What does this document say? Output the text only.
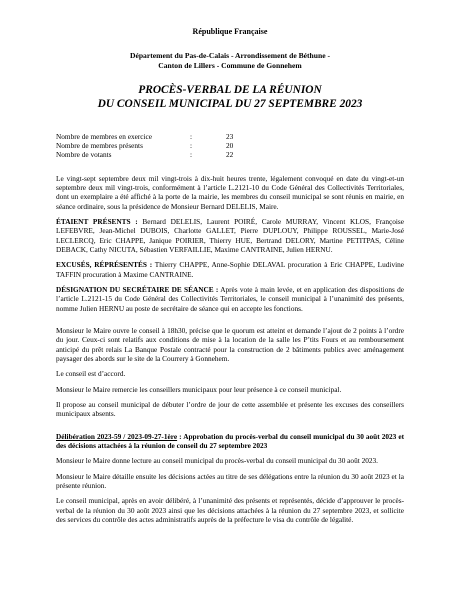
République Française
Département du Pas-de-Calais - Arrondissement de Béthune -
Canton de Lillers - Commune de Gonnehem
PROCÈS-VERBAL DE LA RÉUNION
DU CONSEIL MUNICIPAL DU 27 SEPTEMBRE 2023
Nombre de membres en exercice	:	23
Nombre de membres présents	:	20
Nombre de votants	:	22

Le vingt-sept septembre deux mil vingt-trois à dix-huit heures trente, légalement convoqué en date du vingt-et-un septembre deux mil vingt-trois, conformément à l’article L.2121-10 du Code Général des Collectivités Territoriales, dont un exemplaire a été affiché à la porte de la mairie, les membres du conseil municipal se sont réunis en mairie, en séance ordinaire, sous la présidence de Monsieur Bernard DELELIS, Maire.

ÉTAIENT PRÉSENTS : Bernard DELELIS, Laurent POIRÉ, Carole MURRAY, Vincent KLOS, Françoise LEFEBVRE, Jean-Michel DUBOIS, Charlotte GALLET, Pierre DUPLOUY, Philippe ROUSSEL, Marie-José LECLERCQ, Eric CHAPPE, Janique POIRIER, Thierry HUE, Bertrand DELORY, Martine PETITPAS, Céline DEBACK, Cathy NICUTA, Sébastien VERFAILLIE, Maxime CANTRAINE, Julien HERNU.

EXCUSÉS, RÉPRÉSENTÉS : Thierry CHAPPE, Anne-Sophie DELAVAL procuration à Eric CHAPPE, Ludivine TAFFIN procuration à Maxime CANTRAINE.

DÉSIGNATION DU SECRÉTAIRE DE SÉANCE : Après vote à main levée, et en application des dispositions de l’article L.2121-15 du Code Général des Collectivités Territoriales, le conseil municipal à l’unanimité des présents, nomme Julien HERNU au poste de secrétaire de séance qui en accepte les fonctions.

Monsieur le Maire ouvre le conseil à 18h30, précise que le quorum est atteint et demande l’ajout de 2 points à l’ordre du jour. Ceux-ci sont relatifs aux conditions de mise à la location de la salle les P’tits Fours et au remboursement anticipé du prêt relais La Banque Postale contracté pour la construction de 2 bâtiments publics avec aménagement paysager des abords sur le site de la Courrery à Gonnehem.

Le conseil est d’accord.

Monsieur le Maire remercie les conseillers municipaux pour leur présence à ce conseil municipal.

Il propose au conseil municipal de débuter l’ordre de jour de cette assemblée et présente les excuses des conseillers municipaux absents.

Délibération 2023-59 / 2023-09-27-1ère : Approbation du procès-verbal du conseil municipal du 30 août 2023 et des décisions attachées à la réunion de conseil du 27 septembre 2023

Monsieur le Maire donne lecture au conseil municipal du procès-verbal du conseil municipal du 30 août 2023.

Monsieur le Maire détaille ensuite les décisions actées au titre de ses délégations entre la réunion du 30 août 2023 et la présente réunion.

Le conseil municipal, après en avoir délibéré, à l’unanimité des présents et représentés, décide d’approuver le procès-verbal de la réunion du 30 août 2023 ainsi que les décisions attachées à la réunion du 27 septembre 2023, et sollicite des services du contrôle des actes administratifs auprès de la préfecture le visa du contrôle de légalité.
